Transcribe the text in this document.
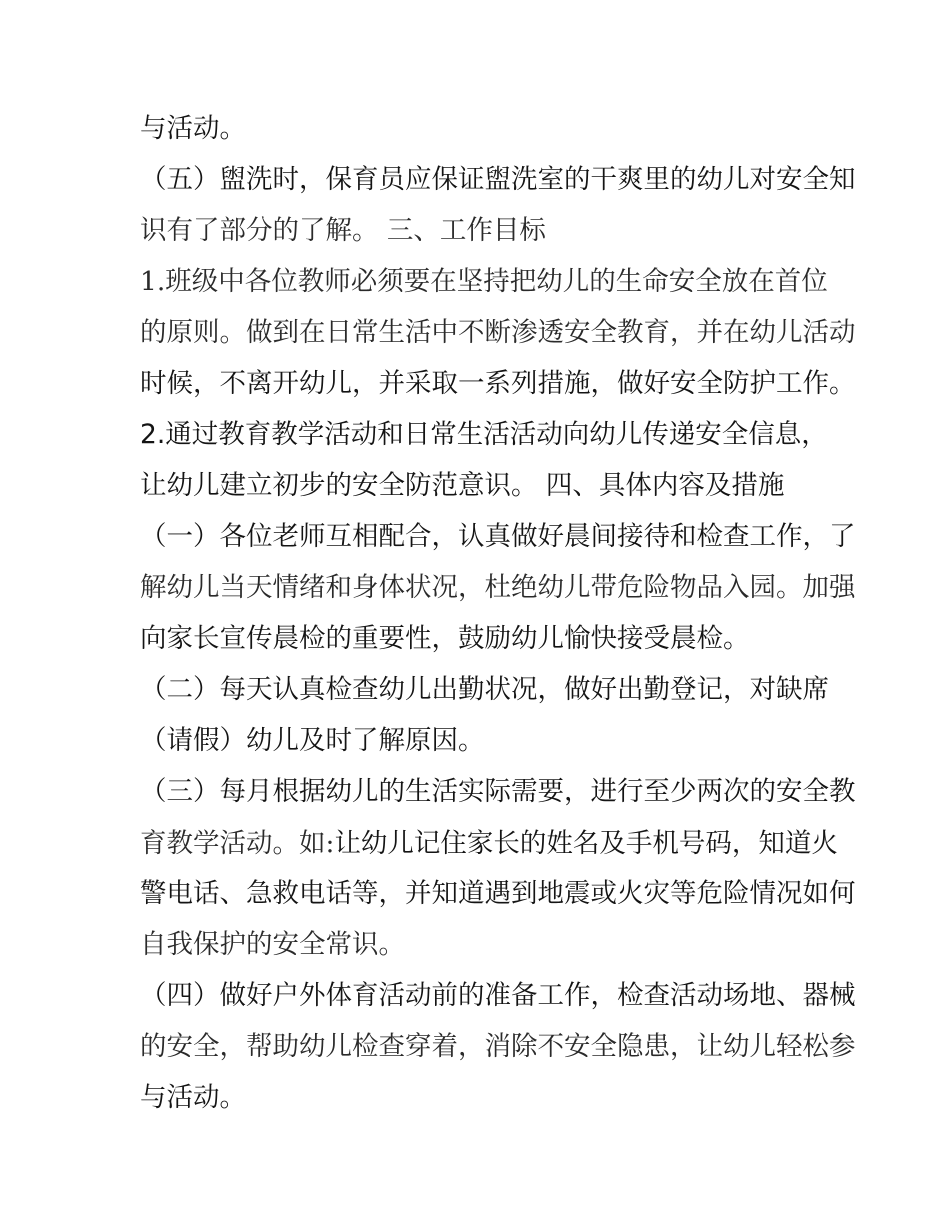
与活动。
（五）盥洗时，保育员应保证盥洗室的干爽里的幼儿对安全知
识有了部分的了解。 三、工作目标
1.班级中各位教师必须要在坚持把幼儿的生命安全放在首位
的原则。做到在日常生活中不断渗透安全教育，并在幼儿活动
时候，不离开幼儿，并采取一系列措施，做好安全防护工作。
2.通过教育教学活动和日常生活活动向幼儿传递安全信息，
让幼儿建立初步的安全防范意识。 四、具体内容及措施
（一）各位老师互相配合，认真做好晨间接待和检查工作，了
解幼儿当天情绪和身体状况，杜绝幼儿带危险物品入园。加强
向家长宣传晨检的重要性，鼓励幼儿愉快接受晨检。
（二）每天认真检查幼儿出勤状况，做好出勤登记，对缺席
（请假）幼儿及时了解原因。
（三）每月根据幼儿的生活实际需要，进行至少两次的安全教
育教学活动。如:让幼儿记住家长的姓名及手机号码，知道火
警电话、急救电话等，并知道遇到地震或火灾等危险情况如何
自我保护的安全常识。
（四）做好户外体育活动前的准备工作，检查活动场地、器械
的安全，帮助幼儿检查穿着，消除不安全隐患，让幼儿轻松参
与活动。
